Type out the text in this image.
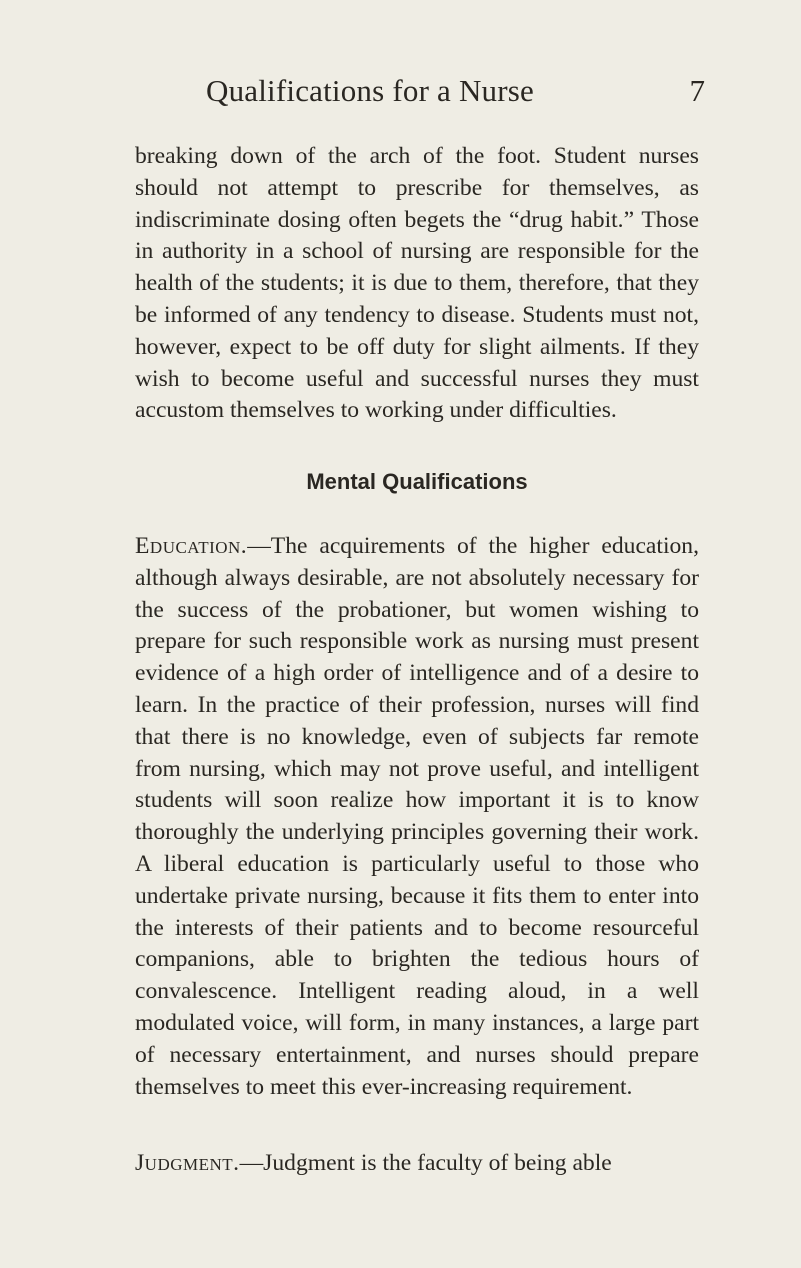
Qualifications for a Nurse	7

breaking down of the arch of the foot. Student nurses should not attempt to prescribe for themselves, as indiscriminate dosing often begets the “drug habit.” Those in authority in a school of nursing are responsible for the health of the students; it is due to them, therefore, that they be informed of any tendency to disease. Students must not, however, expect to be off duty for slight ailments. If they wish to become useful and successful nurses they must accustom themselves to working under difficulties.

Mental Qualifications

Education.—The acquirements of the higher education, although always desirable, are not absolutely necessary for the success of the probationer, but women wishing to prepare for such responsible work as nursing must present evidence of a high order of intelligence and of a desire to learn. In the practice of their profession, nurses will find that there is no knowledge, even of subjects far remote from nursing, which may not prove useful, and intelligent students will soon realize how important it is to know thoroughly the underlying principles governing their work. A liberal education is particularly useful to those who undertake private nursing, because it fits them to enter into the interests of their patients and to become resourceful companions, able to brighten the tedious hours of convalescence. Intelligent reading aloud, in a well modulated voice, will form, in many instances, a large part of necessary entertainment, and nurses should prepare themselves to meet this ever-increasing requirement.

Judgment.—Judgment is the faculty of being able
